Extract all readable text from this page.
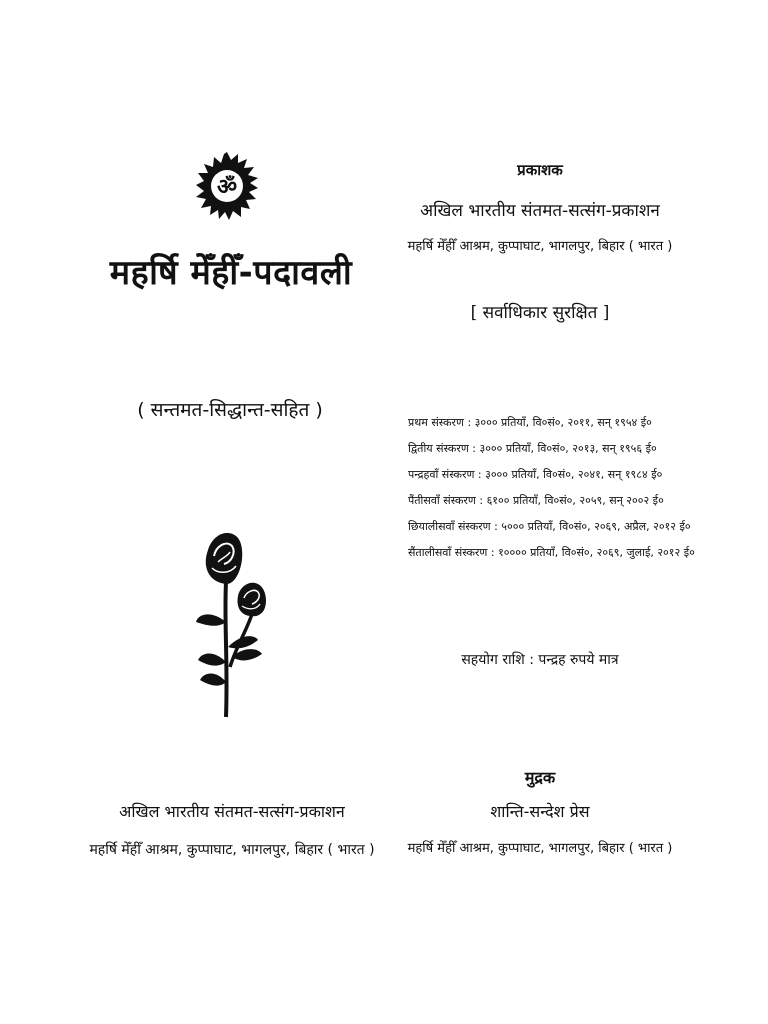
ॐ
महर्षि मेँहीँ-पदावली
( सन्तमत-सिद्धान्त-सहित )
अखिल भारतीय संतमत-सत्संग-प्रकाशन
महर्षि मेँहीँ आश्रम, कुप्पाघाट, भागलपुर, बिहार ( भारत )
प्रकाशक
अखिल भारतीय संतमत-सत्संग-प्रकाशन
महर्षि मेँहीँ आश्रम, कुप्पाघाट, भागलपुर, बिहार ( भारत )
[ सर्वाधिकार सुरक्षित ]
प्रथम संस्करण : ३००० प्रतियाँ, वि०सं०, २०११, सन् १९५४ ई०
द्वितीय संस्करण : ३००० प्रतियाँ, वि०सं०, २०१३, सन् १९५६ ई०
पन्द्रहवाँ संस्करण : ३००० प्रतियाँ, वि०सं०, २०४१, सन् १९८४ ई०
पैंतीसवाँ संस्करण : ६१०० प्रतियाँ, वि०सं०, २०५९, सन् २००२ ई०
छियालीसवाँ संस्करण : ५००० प्रतियाँ, वि०सं०, २०६९, अप्रैल, २०१२ ई०
सैंतालीसवाँ संस्करण : १०००० प्रतियाँ, वि०सं०, २०६९, जुलाई, २०१२ ई०
सहयोग राशि : पन्द्रह रुपये मात्र
मुद्रक
शान्ति-सन्देश प्रेस
महर्षि मेँहीँ आश्रम, कुप्पाघाट, भागलपुर, बिहार ( भारत )
